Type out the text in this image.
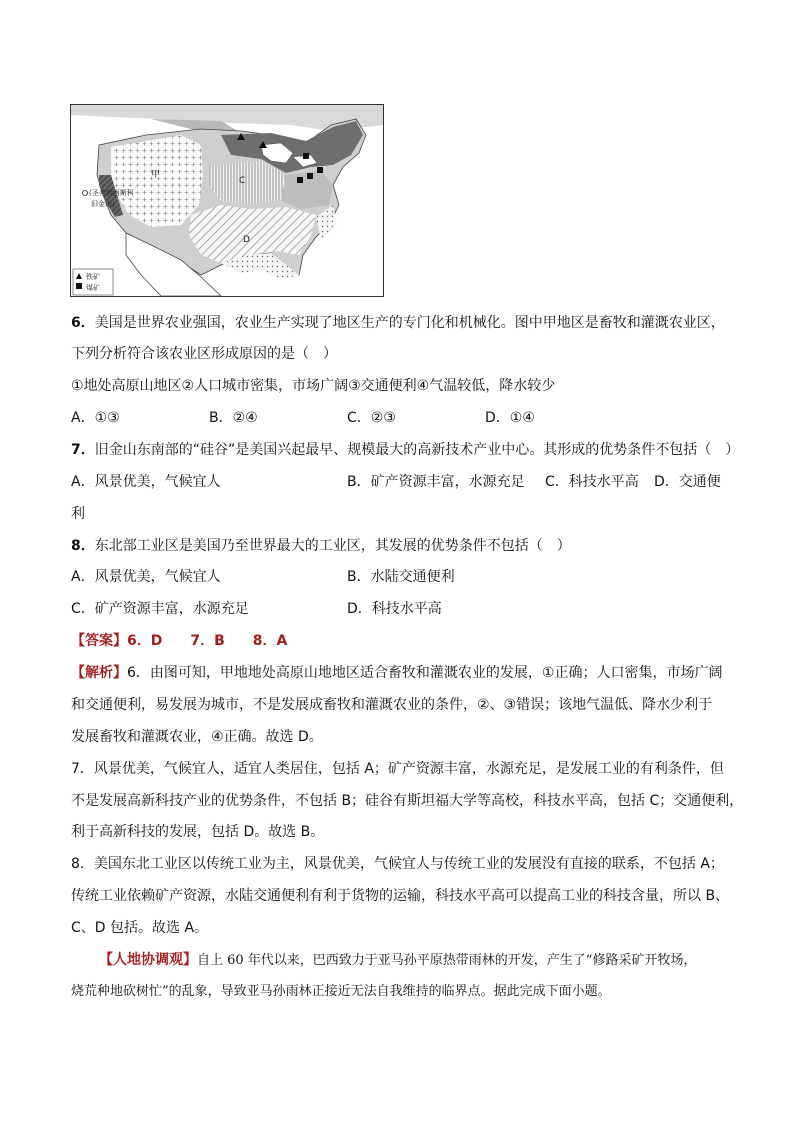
甲
C
D
(圣弗朗西斯科
旧金山)
铁矿
煤矿
6．美国是世界农业强国，农业生产实现了地区生产的专门化和机械化。图中甲地区是畜牧和灌溉农业区，
下列分析符合该农业区形成原因的是（　）
①地处高原山地区②人口城市密集，市场广阔③交通便利④气温较低，降水较少
A．①③	B．②④	C．②③	D．①④
7．旧金山东南部的“硅谷”是美国兴起最早、规模最大的高新技术产业中心。其形成的优势条件不包括（　）
A．风景优美，气候宜人	B．矿产资源丰富，水源充足 C．科技水平高 D．交通便
利
8．东北部工业区是美国乃至世界最大的工业区，其发展的优势条件不包括（　）
A．风景优美，气候宜人	B．水陆交通便利
C．矿产资源丰富，水源充足	D．科技水平高
【答案】6．D　　7．B　　8．A
【解析】6．由图可知，甲地地处高原山地地区适合畜牧和灌溉农业的发展，①正确；人口密集，市场广阔
和交通便利，易发展为城市，不是发展成畜牧和灌溉农业的条件，②、③错误；该地气温低、降水少利于
发展畜牧和灌溉农业，④正确。故选 D。
7．风景优美，气候宜人，适宜人类居住，包括 A；矿产资源丰富，水源充足，是发展工业的有利条件，但
不是发展高新科技产业的优势条件，不包括 B；硅谷有斯坦福大学等高校，科技水平高，包括 C；交通便利，
利于高新科技的发展，包括 D。故选 B。
8．美国东北工业区以传统工业为主，风景优美，气候宜人与传统工业的发展没有直接的联系，不包括 A；
传统工业依赖矿产资源，水陆交通便利有利于货物的运输，科技水平高可以提高工业的科技含量，所以 B、
C、D 包括。故选 A。
【人地协调观】自上 60 年代以来，巴西致力于亚马孙平原热带雨林的开发，产生了“修路采矿开牧场，
烧荒种地砍树忙”的乱象，导致亚马孙雨林正接近无法自我维持的临界点。据此完成下面小题。
